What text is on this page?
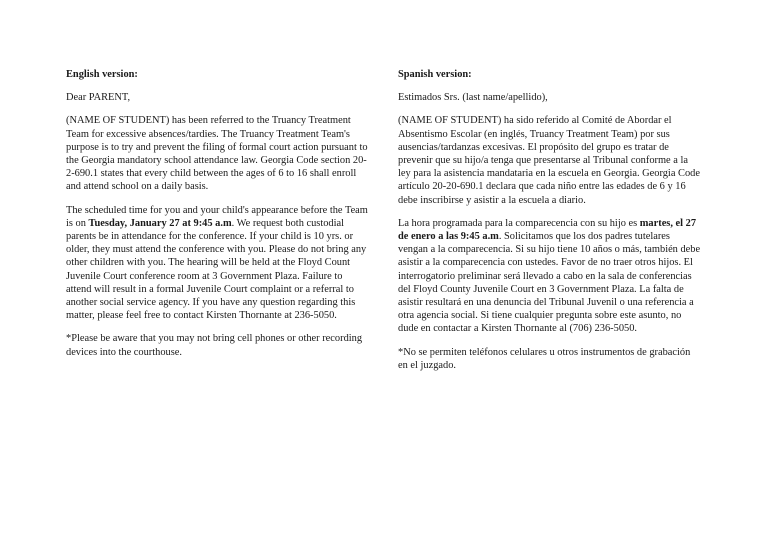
English version:

Dear PARENT,

(NAME OF STUDENT) has been referred to the Truancy Treatment Team for excessive absences/tardies. The Truancy Treatment Team's purpose is to try and prevent the filing of formal court action pursuant to the Georgia mandatory school attendance law. Georgia Code section 20-2-690.1 states that every child between the ages of 6 to 16 shall enroll and attend school on a daily basis.

The scheduled time for you and your child's appearance before the Team is on Tuesday, January 27 at 9:45 a.m. We request both custodial parents be in attendance for the conference. If your child is 10 yrs. or older, they must attend the conference with you. Please do not bring any other children with you. The hearing will be held at the Floyd Count Juvenile Court conference room at 3 Government Plaza. Failure to attend will result in a formal Juvenile Court complaint or a referral to another social service agency. If you have any question regarding this matter, please feel free to contact Kirsten Thornante at 236-5050.

*Please be aware that you may not bring cell phones or other recording devices into the courthouse.

Spanish version:

Estimados Srs. (last name/apellido),

(NAME OF STUDENT) ha sido referido al Comité de Abordar el Absentismo Escolar (en inglés, Truancy Treatment Team) por sus ausencias/tardanzas excesivas. El propósito del grupo es tratar de prevenir que su hijo/a tenga que presentarse al Tribunal conforme a la ley para la asistencia mandataria en la escuela en Georgia. Georgia Code artículo 20-20-690.1 declara que cada niño entre las edades de 6 y 16 debe inscribirse y asistir a la escuela a diario.

La hora programada para la comparecencia con su hijo es martes, el 27 de enero a las 9:45 a.m. Solicitamos que los dos padres tutelares vengan a la comparecencia. Si su hijo tiene 10 años o más, también debe asistir a la comparecencia con ustedes. Favor de no traer otros hijos. El interrogatorio preliminar será llevado a cabo en la sala de conferencias del Floyd County Juvenile Court en 3 Government Plaza. La falta de asistir resultará en una denuncia del Tribunal Juvenil o una referencia a otra agencia social. Si tiene cualquier pregunta sobre este asunto, no dude en contactar a Kirsten Thornante al (706) 236-5050.

*No se permiten teléfonos celulares u otros instrumentos de grabación en el juzgado.
